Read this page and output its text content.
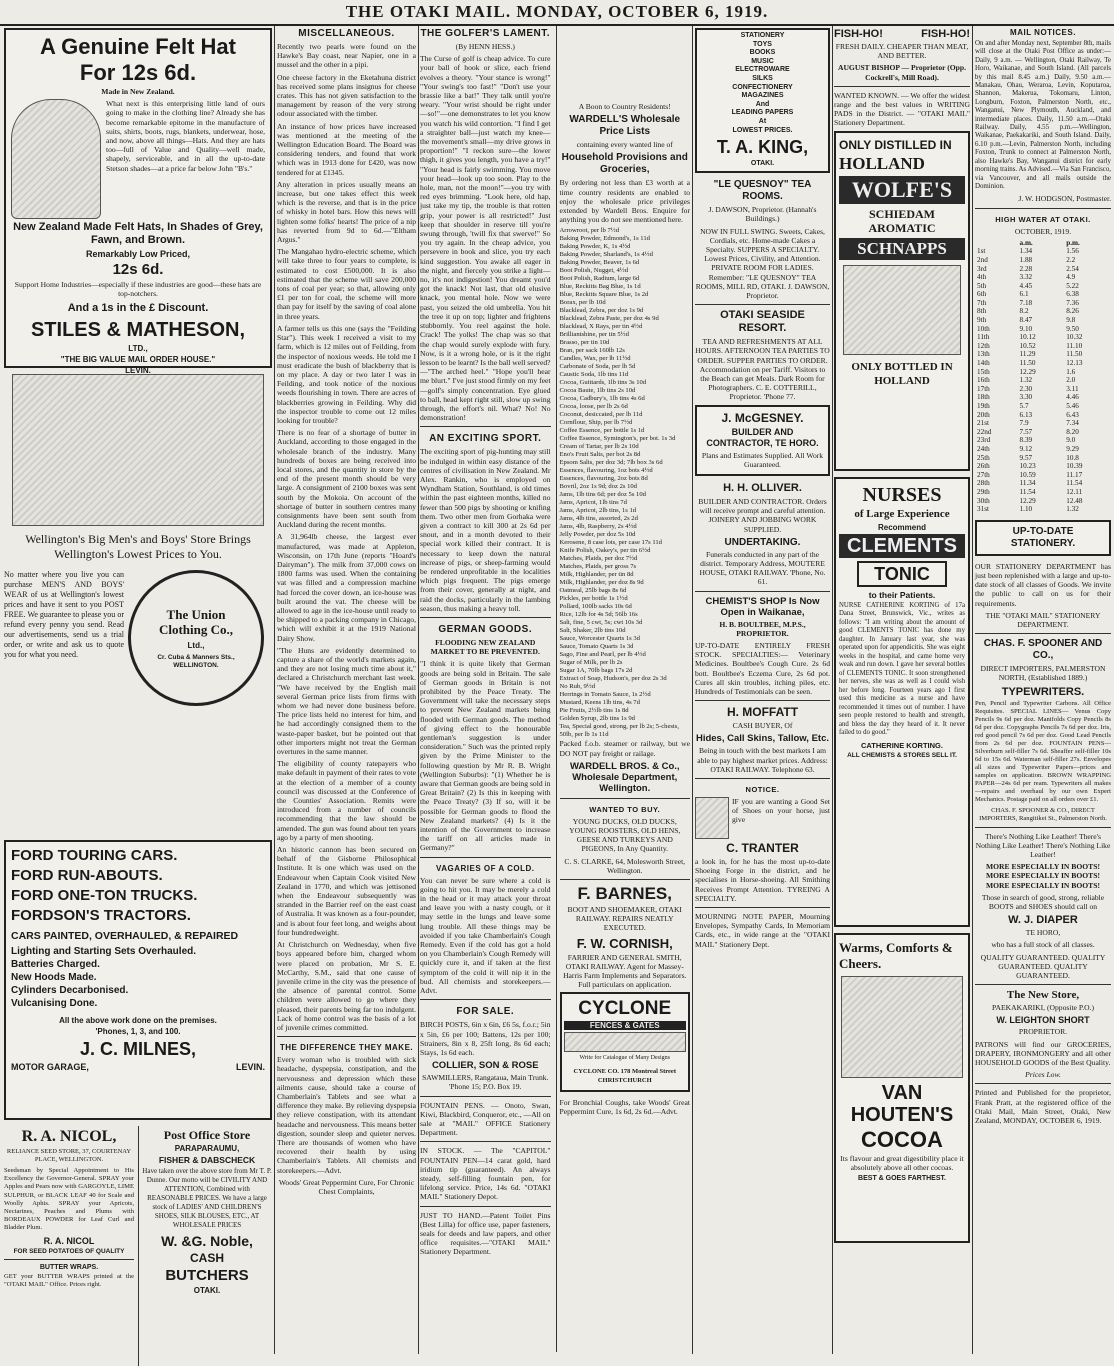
THE OTAKI MAIL. MONDAY, OCTOBER 6, 1919.
A Genuine Felt Hat
For 12s 6d.
Made in New Zealand.

What next is this enterprising little land of ours going to make in the clothing line? Already she has become remarkable epitome in the manufacture of suits, shirts, boots, rugs, blankets, underwear, hose, and now, above all things—Hats. And they are hats too—full of Value and Quality—well made, shapely, serviceable, and in all the up-to-date Stetson shades—at a price far below John "B's."

New Zealand Made Felt Hats, In Shades of Grey, Fawn, and Brown.
Remarkably Low Priced,
12s 6d.

Support Home Industries—especially if these industries are good—these hats are top-notchers.

And a 1s in the £ Discount.
STILES & MATHESON,
LTD.,
"THE BIG VALUE MAIL ORDER HOUSE."
LEVIN.
Wellington's Big Men's and Boys' Store Brings Wellington's Lowest Prices to You.

No matter where you live you can purchase MEN'S AND BOYS' WEAR of us at Wellington's lowest prices and have it sent to you POST FREE. We guarantee to please you or refund every penny you send. Read our advertisements, send us a trial order, or write and ask us to quote you for what you need.

The Union Clothing Co.,
Ltd.,
Cr. Cuba & Manners Sts., WELLINGTON.
FORD TOURING CARS.
FORD RUN-ABOUTS.
FORD ONE-TON TRUCKS.
FORDSON'S TRACTORS.
CARS PAINTED, OVERHAULED, & REPAIRED
Lighting and Starting Sets Overhauled.
Batteries Charged.
New Hoods Made.
Cylinders Decarbonised.
Vulcanising Done.
All the above work done on the premises.
'Phones, 1, 3, and 100.
J. C. MILNES,
MOTOR GARAGE,	LEVIN.
R. A. NICOL,

RELIANCE SEED STORE, 37, COURTENAY PLACE, WELLINGTON.

Seedsman by Special Appointment to His Excellency the Governor-General. SPRAY your Apples and Pears now with GARGOYLE, LIME SULPHUR, or BLACK LEAF 40 for Scale and Woolly Aphis. SPRAY your Apricots, Nectarines, Peaches and Plums with BORDEAUX POWDER for Leaf Curl and Bladder Plum.

R. A. NICOL
FOR SEED POTATOES OF QUALITY
BUTTER WRAPS.

GET your BUTTER WRAPS printed at the "OTAKI MAIL" Office. Prices right.

Post Office Store
PARAPARAUMU,
FISHER & DABSCHECK

Have taken over the above store from Mr T. P. Dunne. Our motto will be CIVILITY AND ATTENTION, Combined with REASONABLE PRICES. We have a large stock of LADIES' AND CHILDREN'S SHOES, SILK BLOUSES, ETC., AT WHOLESALE PRICES

W. &G. Noble,
CASH
BUTCHERS
OTAKI.
MISCELLANEOUS.

Recently two pearls were found on the Hawke's Bay coast, near Napier, one in a mussel and the other in a pipi.

One cheese factory in the Eketahuna district has received some plans insignus for cheese crates. This has not given satisfaction to the management by reason of the very strong odour associated with the timber.

An instance of how prices have increased was mentioned at the meeting of the Wellington Education Board. The Board was considering tenders, and found that work which was in 1913 done for £420, was now tendered for at £1345.

Any alteration in prices usually means an increase, but one takes effect this week which is the reverse, and that is in the price of whisky in hotel bars. How this news will lighten some folks' hearts! The price of a nip has reverted from 9d to 6d.—"Eltham Argus."

The Mangahao hydro-electric scheme, which will take three to four years to complete, is estimated to cost £500,000. It is also estimated that the scheme will save 200,000 tons of coal per year; so that, allowing only £1 per ton for coal, the scheme will more than pay for itself by the saving of coal alone in three years.

A farmer tells us this one (says the "Feilding Star"). This week I received a visit to my farm, which is 12 miles out of Feilding, from the inspector of noxious weeds. He told me I must eradicate the bush of blackberry that is on my place. A day or two later I was in Feilding, and took notice of the noxious weeds flourishing in town. There are acres of blackberries growing in Feilding. Why did the inspector trouble to come out 12 miles looking for trouble?

There is no fear of a shortage of butter in Auckland, according to those engaged in the wholesale branch of the industry. Many hundreds of boxes are being received into local stores, and the quantity in store by the end of the present month should be very large. A consignment of 2100 boxes was sent south by the Mokoia. On account of the shortage of butter in southern centres many consignments have been sent south from Auckland during the recent months.

A 31,964lb cheese, the largest ever manufactured, was made at Appleton, Wisconsin, on 17th June (reports "Hoard's Dairyman"). The milk from 37,000 cows on 1800 farms was used. When the containing vat was filled and a compression machine had forced the cover down, an ice-house was built around the vat. The cheese will be allowed to age in the ice-house until ready to be shipped to a packing company in Chicago, which will exhibit it at the 1919 National Dairy Show.

"The Huns are evidently determined to capture a share of the world's markets again, and they are not losing much time about it," declared a Christchurch merchant last week. "We have received by the English mail several German price lists from firms with whom we had never done business before. The price lists held no interest for him, and he had accordingly consigned them to the waste-paper basket, but he pointed out that other importers might not treat the German overtures in the same manner.

The eligibility of county ratepayers who make default in payment of their rates to vote at the election of a member of a county council was discussed at the Conference of the Counties' Association. Remits were introduced from a number of councils recommending that the law should be amended. The gun was found about ten years ago by a party of men shooting.

An historic cannon has been secured on behalf of the Gisborne Philosophical Institute. It is one which was used on the Endeavour when Captain Cook visited New Zealand in 1770, and which was jettisoned when the Endeavour subsequently was stranded in the Barrier reef on the east coast of Australia. It was known as a four-pounder, and is about four feet long, and weighs about four hundredweight.

At Christchurch on Wednesday, when five boys appeared before him, charged whom were placed on probation, Mr S. E. McCarthy, S.M., said that one cause of juvenile crime in the city was the presence of the absence of parental control. Some children were allowed to go where they pleased, their parents being far too indulgent. Lack of home control was the basis of a lot of juvenile crimes committed.

THE DIFFERENCE THEY MAKE.

Every woman who is troubled with sick headache, dyspepsia, constipation, and the nervousness and depression which these ailments cause, should take a course of Chamberlain's Tablets and see what a difference they make. By relieving dyspepsia they relieve constipation, with its attendant headache and nervousness. This means better digestion, sounder sleep and quieter nerves. There are thousands of women who have recovered their health by using Chamberlain's Tablets. All chemists and storekeepers.—Advt.

Woods' Great Peppermint Cure, For Chronic Chest Complaints,

THE GOLFER'S LAMENT.
(By HENN HESS.)

The Curse of golf is cheap advice. To cure your ball of hook or slice, each friend evolves a theory. "Your stance is wrong!" "Your swing's too fast!" "Don't use your brassie like a bat!" They talk until you're weary. "Your wrist should be right under—so!"—one demonstrates to let you know you watch his wild contortion. "I find I get a straighter ball—just watch my knee—the movement's small—my drive grows in proportion!" "I reckon sure—the lower thigh, it gives you length, you have a try!" "Your head is fairly swimming. You move your head—look up too soon. Play to the hole, man, not the moon!"—you try with red eyes brimming. "Look here, old hap, just take my tip, the trouble is that rotten grip, your power is all restricted!" Just keep that shoulder in reserve till you're swung through, 'twill fix that swerve!" So you try again. In the cheap advice, you persevere in book and slice, you try each kind suggestion. You awake all eager in the night, and fiercely you strike a light—no, it's not indigestion! You dreamt you'd got the knack! Not last, that old elusive knack, you mental hole. Now we were past, you seized the old umbrella. You hit the tree it up on top; lighter and frightens stubbornly. You reel against the hole. Crack! The yolks! The chap was so that the chap would surely explode with fury. Now, is it a wrong hole, or is it the right lesson to be learnt? Is the ball well served?—"The arched heel." "Hope you'll hear me blurt." I've just stood firmly on my feet—golf's simply concentration. Eye glued to ball, head kept right still, slow up swing through, the effort's nil. What? No! No demonstration!

AN EXCITING SPORT.

The exciting sport of pig-hunting may still be indulged in within easy distance of the centres of civilisation in New Zealand. Mr Alex. Rankin, who is employed on Wyndham Station, Southland, is old times within the past eighteen months, killed no fewer than 500 pigs by shooting or knifing them. Two other men from Gorhaka were given a contract to kill 300 at 2s 6d per snout, and in a month devoted to their special work killed their contract. It is necessary to keep down the natural increase of pigs, or sheep-farming would be rendered unprofitable in the localities which pigs frequent. The pigs emerge from their cover, generally at night, and raid the docks, particularly in the lambing season, thus making a heavy toll.

GERMAN GOODS.
FLOODING NEW ZEALAND MARKET TO BE PREVENTED.

"I think it is quite likely that German goods are being sold in Britain. The sale of German goods in Britain is not prohibited by the Peace Treaty. The Government will take the necessary steps to prevent New Zealand markets being flooded with German goods. The method of giving effect to the honourable gentleman's suggestion is under consideration." Such was the printed reply given by the Prime Minister to the following question by Mr R. B. Wright (Wellington Suburbs): "(1) Whether he is aware that German goods are being sold in Great Britain? (2) Is this in keeping with the Peace Treaty? (3) If so, will it be possible for German goods to flood the New Zealand markets? (4) Is it the intention of the Government to increase the tariff on all articles made in Germany?"

VAGARIES OF A COLD.

You can never be sure where a cold is going to hit you. It may be merely a cold in the head or it may attack your throat and leave you with a nasty cough, or it may settle in the lungs and leave some lung trouble. All these things may be avoided if you take Chamberlain's Cough Remedy. Even if the cold has got a hold on you Chamberlain's Cough Remedy will quickly cure it, and if taken at the first symptom of the cold it will nip it in the bud. All chemists and storekeepers.—Advt.

FOR SALE.

BIRCH POSTS, 6in x 6in, £6 5s, f.o.r.; 5in x 5in, £6 per 100; Battens, 12s per 100; Strainers, 8in x 8, 25ft long, 8s 6d each; Stays, 1s 6d each.

COLLIER, SON & ROSE

SAWMILLERS, Rangataua, Main Trunk. 'Phone 15; P.O. Box 19.

FOUNTAIN PENS. — Onoto, Swan, Kiwi, Blackbird, Conqueror, etc., —All on sale at "MAIL" OFFICE Stationery Department.

IN STOCK. — The "CAPITOL" FOUNTAIN PEN—14 carat gold, hard iridium tip (guaranteed). An always steady, self-filling fountain pen, for lifelong service. Price, 14s 6d. "OTAKI MAIL" Stationery Depot.

JUST TO HAND.—Patent Toilet Pins (Best Lilla) for office use, paper fasteners, seals for deeds and law papers, and other office requisites.—"OTAKI MAIL" Stationery Department.

A Boon to Country Residents!

WARDELL'S Wholesale Price Lists

containing every wanted line of

Household Provisions and Groceries,

By ordering not less than £3 worth at a time country residents are enabled to enjoy the wholesale price privileges extended by Wardell Bros. Enquire for anything you do not see mentioned here.

Arrowroot, per lb 7½d
Baking Powder, Edmond's, 1s 11d
Baking Powder, K, 1s 4½d
Baking Powder, Sharland's, 1s 4½d
Baking Powder, Beaver, 1s 6d
Boot Polish, Nugget, 4½d
Boot Polish, Radium, large 6d
Blue, Reckitts Bag Blue, 1s 1d
Blue, Reckitts Square Blue, 1s 2d
Borax, per lb 10d
Blacklead, Zebra, per doz 1s 9d
Blacklead, Zebra Paste, per doz 4s 9d
Blacklead, X Rays, per tin 4½d
Brilliantshine, per tin 5½d
Brasso, per tin 10d
Bran, per sack 160lb 12s
Candles, Wax, per lb 11½d
Carbonate of Soda, per lb 5d
Caustic Soda, 1lb tins 11d
Cocoa, Guittards, 1lb tins 3s 10d
Cocoa Baute, 1lb tins 2s 10d
Cocoa, Cadbury's, 1lb tins 4s 6d
Cocoa, loose, per lb 2s 6d
Coconut, desiccated, per lb 11d
Cornflour, Ship, per lb 7½d
Coffee Essence, per bottle 1s 1d
Coffee Essence, Symington's, per bot. 1s 3d
Cream of Tartar, per lb 2s 10d
Eno's Fruit Salts, per bot 2s 8d
Epsom Salts, per doz 3d; 7lb box 3s 6d
Essences, flavouring, 1oz bots 4½d
Essences, flavouring, 2oz bots 8d
Bovril, 2oz 1s 9d; doz 2s 10d
Jams, 1lb tins 6d; per doz 5s 10d
Jams, Apricot, 1lb tins 7d
Jams, Apricot, 2lb tins, 1s 1d
Jams, 4lb tins, assorted, 2s 2d
Jams, 4lb, Raspberry, 2s 4½d
Jelly Powder, per doz 5s 10d
Kerosene, 8 case lots, per case 17s 11d
Knife Polish, Oakey's, per tin 6½d
Matches, Plaids, per doz 7½d
Matches, Plaids, per gross 7s
Milk, Highlander, per tin 8d
Milk, Highlander, per doz 8s 9d
Oatmeal, 25lb bags 8s 6d
Pickles, per bottle 1s 1½d
Pollard, 100lb sacks 10s 6d
Rice, 12lb for 4s 5d; 56lb 16s
Salt, fine, 5 cwt, 5s; cwt 10s 3d
Salt, Shaker, 2lb tins 10d
Sauce, Worcester Quarts 1s 3d
Sauce, Tomato Quarts 1s 3d
Sago, Fine and Pearl, per lb 4½d
Sugar of Milk, per lb 2s
Sugar 1A, 70lb bags 17s 2d
Extract of Soap, Hudson's, per doz 2s 3d
No Rub, 9½d
Herrings in Tomato Sauce, 1s 2½d
Mustard, Keens 1lb tins, 4s 7d
Pie Fruits, 2½lb tins 1s 8d
Golden Syrup, 2lb tins 1s 9d
Tea, Special good, strong, per lb 2s; 5-chests, 50lb, per lb 1s 11d

Packed f.o.b. steamer or railway, but we DO NOT pay freight or railage.

WARDELL BROS. & Co., Wholesale Department, Wellington.
WANTED TO BUY.

YOUNG DUCKS, OLD DUCKS, YOUNG ROOSTERS, OLD HENS, GEESE AND TURKEYS AND PIGEONS, In Any Quantity.

C. S. CLARKE, 64, Molesworth Street, Wellington.

F. BARNES,

BOOT AND SHOEMAKER, OTAKI RAILWAY. REPAIRS NEATLY EXECUTED.

F. W. CORNISH,

FARRIER AND GENERAL SMITH, OTAKI RAILWAY. Agent for Massey-Harris Farm Implements and Separators. Full particulars on application.

CYCLONE
FENCES & GATES
Write for Catalogue of Many Designs
CYCLONE CO. 178 Montreal Street CHRISTCHURCH

For Bronchial Coughs, take Woods' Great Peppermint Cure, 1s 6d, 2s 6d.—Advt.

STATIONERY
TOYS
BOOKS
MUSIC
ELECTROWARE
SILKS
CONFECTIONERY
MAGAZINES
And
LEADING PAPERS
At
LOWEST PRICES.
T. A. KING,
OTAKI.
"LE QUESNOY" TEA ROOMS.

J. DAWSON, Proprietor. (Hannah's Buildings.)

NOW IN FULL SWING. Sweets, Cakes, Cordials, etc. Home-made Cakes a Specialty. SUPPERS A SPECIALTY. Lowest Prices, Civility, and Attention. PRIVATE ROOM FOR LADIES. Remember: "LE QUESNOY" TEA ROOMS, MILL RD, OTAKI. J. DAWSON, Proprietor.

OTAKI SEASIDE RESORT.

TEA AND REFRESHMENTS AT ALL HOURS. AFTERNOON TEA PARTIES TO ORDER. SUPPER PARTIES TO ORDER. Accommodation on per Tariff. Visitors to the Beach can get Meals. Dark Room for Photographers. C. E. COTTERILL, Proprietor. 'Phone 77.

J. McGESNEY.
BUILDER AND CONTRACTOR, TE HORO.

Plans and Estimates Supplied. All Work Guaranteed.

H. H. OLLIVER.

BUILDER AND CONTRACTOR. Orders will receive prompt and careful attention. JOINERY AND JOBBING WORK SUPPLIED.

UNDERTAKING.

Funerals conducted in any part of the district. Temporary Address, MOUTERE HOUSE, OTAKI RAILWAY. 'Phone, No. 61.

CHEMIST'S SHOP Is Now Open in Waikanae,

H. B. BOULTBEE, M.P.S., PROPRIETOR.

UP-TO-DATE ENTIRELY FRESH STOCK. SPECIALTIES:— Veterinary Medicines. Boultbee's Cough Cure. 2s 6d bott. Boultbee's Eczema Cure, 2s 6d pot. Cures all skin troubles, itching piles, etc. Hundreds of Testimonials can be seen.

H. MOFFATT

CASH BUYER, Of

Hides, Call Skins, Tallow, Etc.

Being in touch with the best markets I am able to pay highest market prices. Address: OTAKI RAILWAY. Telephone 63.

NOTICE.

IF you are wanting a Good Set of Shoes on your horse, just give

C. TRANTER

a look in, for he has the most up-to-date Shoeing Forge in the district, and he specialises in Horse-shoeing. All Smithing Receives Prompt Attention. TYREING A SPECIALTY.

MOURNING NOTE PAPER, Mourning Envelopes, Sympathy Cards, In Memoriam Cards, etc., in wide range at the "OTAKI MAIL" Stationery Dept.

FISH-HO!	FISH-HO!

FRESH DAILY. CHEAPER THAN MEAT, AND BETTER.

AUGUST BISHOP — Proprietor (Opp. Cockrell's, Mill Road).

WANTED KNOWN. — We offer the widest range and the best values in WRITING PADS in the District. — "OTAKI MAIL" Stationery Department.

ONLY DISTILLED IN
HOLLAND
WOLFE'S
SCHIEDAM AROMATIC
SCHNAPPS
ONLY BOTTLED IN HOLLAND
NURSES
of Large Experience
Recommend
CLEMENTS
TONIC
to their Patients.

NURSE CATHERINE KORTING of 17a Dana Street, Brunswick, Vic., writes as follows: "I am writing about the amount of good CLEMENTS TONIC has done my daughter. In January last year, she was operated upon for appendicitis. She was eight weeks in the hospital, and came home very weak and run down. I gave her several bottles of CLEMENTS TONIC. It soon strengthened her nerves, she was as well as I could wish her before long. Fourteen years ago I first used this medicine as a nurse and have recommended it times out of number. I have seen people restored to health and strength, and bless the day they heard of it. It never failed to do good."

CATHERINE KORTING.
ALL CHEMISTS & STORES SELL IT.
Warms, Comforts & Cheers.
VAN HOUTEN'S
COCOA

Its flavour and great digestibility place it absolutely above all other cocoas.

BEST & GOES FARTHEST.
MAIL NOTICES.

On and after Monday next, September 8th, mails will close at the Otaki Post Office as under:— Daily, 9 a.m. — Wellington, Otaki Railway, Te Horo, Waikanae, and South Island. (All parcels by this mail 8.45 a.m.) Daily, 9.50 a.m.—Manakau, Ohau, Weraroa, Levin, Koputaroa, Shannon, Makerua, Tokomaru, Linton, Longburn, Foxton, Palmerston North, etc., Wanganui, New Plymouth, Auckland, and intermediate places. Daily, 11.50 a.m.—Otaki Railway. Daily, 4.55 p.m.—Wellington, Waikanae, Paekakariki, and South Island. Daily, 6.10 p.m.—Levin, Palmerston North, including Foxton, Trunk to connect at Palmerston North, also Hawke's Bay, Wanganui district for early morning trains. As Advised.—Via San Francisco, via Vancouver, and all mails outside the Dominion.

J. W. HODGSON, Postmaster.
HIGH WATER AT OTAKI.
OCTOBER, 1919.
	a.m.	p.m.
1st	1.34	1.56
2nd	1.88	2.2
3rd	2.28	2.54
4th	3.32	4.9
5th	4.45	5.22
6th	6.1	6.38
7th	7.18	7.36
8th	8.2	8.26
9th	8.47	9.8
10th	9.10	9.50
11th	10.12	10.32
12th	10.52	11.10
13th	11.29	11.50
14th	11.50	12.13
15th	12.29	1.6
16th	1.32	2.0
17th	2.30	3.11
18th	3.30	4.46
19th	5.7	5.46
20th	6.13	6.43
21st	7.9	7.34
22nd	7.57	8.20
23rd	8.39	9.0
24th	9.12	9.29
25th	9.57	10.8
26th	10.23	10.39
27th	10.59	11.17
28th	11.34	11.54
29th	11.54	12.11
30th	12.29	12.48
31st	1.10	1.32
UP-TO-DATE STATIONERY.

OUR STATIONERY DEPARTMENT has just been replenished with a large and up-to-date stock of all classes of Goods. We invite the public to call on us for their requirements.

THE "OTAKI MAIL" STATIONERY DEPARTMENT.

CHAS. F. SPOONER AND CO.,

DIRECT IMPORTERS, PALMERSTON NORTH, (Established 1889.)

TYPEWRITERS.

Pen, Pencil and Typewriter Carbons. All Office Requisites. SPECIAL LINES— Venus Copy Pencils 9s 6d per doz. Manifolds Copy Pencils 8s 6d per doz. Copygraphs Pencils 7s 6d per doz. Iris, red good pencil 7s 6d per doz. Good Lead Pencils from 2s 6d per doz. FOUNTAIN PENS— Silverburn self-filler 7s 6d. Sheaffer self-filler 10s 6d to 15s 6d. Waterman self-filler 27s. Envelopes all sizes and Typewriter Papers—prices and samples on application. BROWN WRAPPING PAPER—24s 6d per ream. Typewriters all makes—repairs and overhaul by our own Expert Mechanics. Postage paid on all orders over £1.

CHAS. F. SPOONER & CO., DIRECT IMPORTERS, Rangitikei St., Palmerston North.

There's Nothing Like Leather! There's Nothing Like Leather! There's Nothing Like Leather!

MORE ESPECIALLY IN BOOTS! MORE ESPECIALLY IN BOOTS! MORE ESPECIALLY IN BOOTS!

Those in search of good, strong, reliable BOOTS and SHOES should call on

W. J. DIAPER
TE HORO,

who has a full stock of all classes.

QUALITY GUARANTEED. QUALITY GUARANTEED. QUALITY GUARANTEED.

The New Store,
PAEKAKARIKI, (Opposite P.O.)
W. LEIGHTON SHORT
PROPRIETOR.

PATRONS will find our GROCERIES, DRAPERY, IRONMONGERY and all other HOUSEHOLD GOODS of the Best Quality.

Prices Low.

Printed and Published for the proprietor, Frank Pratt, at the registered office of the Otaki Mail, Main Street, Otaki, New Zealand, MONDAY, OCTOBER 6, 1919.
